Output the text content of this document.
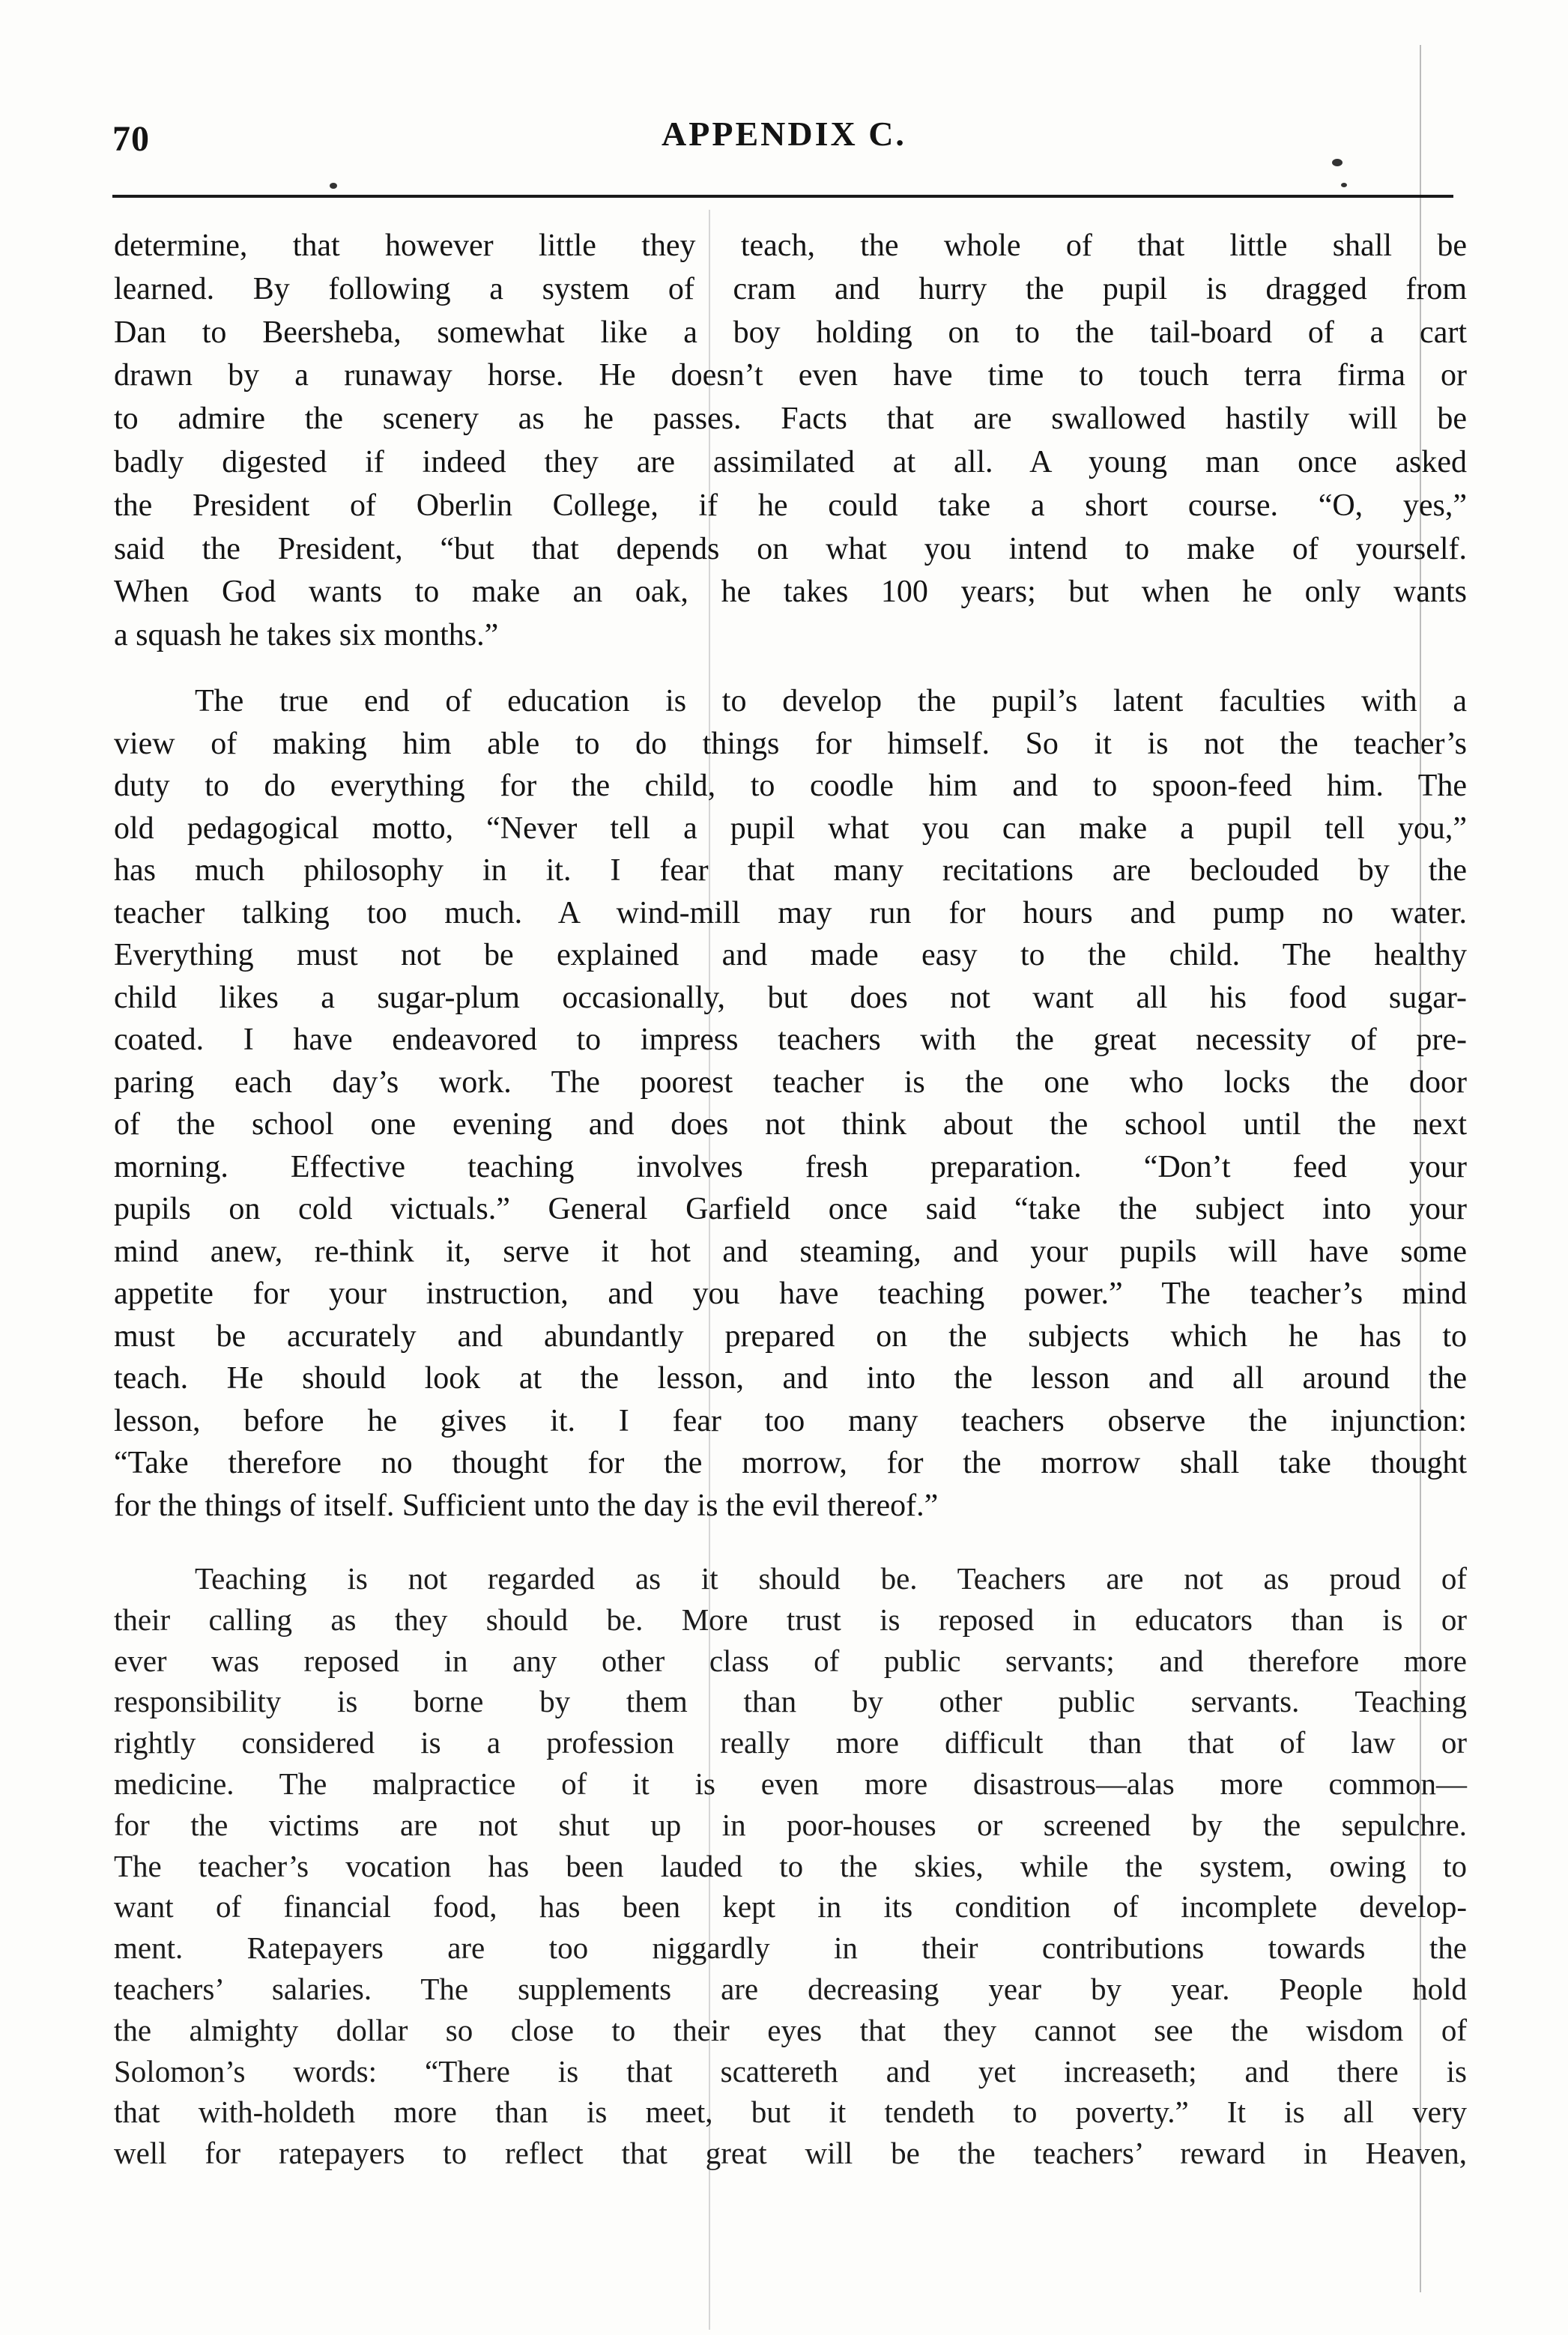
70	APPENDIX C.
determine, that however little they teach, the whole of that little shall be
learned. By following a system of cram and hurry the pupil is dragged from
Dan to Beersheba, somewhat like a boy holding on to the tail-board of a cart
drawn by a runaway horse. He doesn’t even have time to touch terra firma or
to admire the scenery as he passes. Facts that are swallowed hastily will be
badly digested if indeed they are assimilated at all. A young man once asked
the President of Oberlin College, if he could take a short course. “O, yes,”
said the President, “but that depends on what you intend to make of yourself.
When God wants to make an oak, he takes 100 years; but when he only wants
a squash he takes six months.”
The true end of education is to develop the pupil’s latent faculties with a
view of making him able to do things for himself. So it is not the teacher’s
duty to do everything for the child, to coodle him and to spoon-feed him. The
old pedagogical motto, “Never tell a pupil what you can make a pupil tell you,”
has much philosophy in it. I fear that many recitations are beclouded by the
teacher talking too much. A wind-mill may run for hours and pump no water.
Everything must not be explained and made easy to the child. The healthy
child likes a sugar-plum occasionally, but does not want all his food sugar-
coated. I have endeavored to impress teachers with the great necessity of pre-
paring each day’s work. The poorest teacher is the one who locks the door
of the school one evening and does not think about the school until the next
morning. Effective teaching involves fresh preparation. “Don’t feed your
pupils on cold victuals.” General Garfield once said “take the subject into your
mind anew, re-think it, serve it hot and steaming, and your pupils will have some
appetite for your instruction, and you have teaching power.” The teacher’s mind
must be accurately and abundantly prepared on the subjects which he has to
teach. He should look at the lesson, and into the lesson and all around the
lesson, before he gives it. I fear too many teachers observe the injunction:
“Take therefore no thought for the morrow, for the morrow shall take thought
for the things of itself. Sufficient unto the day is the evil thereof.”
Teaching is not regarded as it should be. Teachers are not as proud of
their calling as they should be. More trust is reposed in educators than is or
ever was reposed in any other class of public servants; and therefore more
responsibility is borne by them than by other public servants. Teaching
rightly considered is a profession really more difficult than that of law or
medicine. The malpractice of it is even more disastrous—alas more common—
for the victims are not shut up in poor-houses or screened by the sepulchre.
The teacher’s vocation has been lauded to the skies, while the system, owing to
want of financial food, has been kept in its condition of incomplete develop-
ment. Ratepayers are too niggardly in their contributions towards the
teachers’ salaries. The supplements are decreasing year by year. People hold
the almighty dollar so close to their eyes that they cannot see the wisdom of
Solomon’s words: “There is that scattereth and yet increaseth; and there is
that with-holdeth more than is meet, but it tendeth to poverty.” It is all very
well for ratepayers to reflect that great will be the teachers’ reward in Heaven,
